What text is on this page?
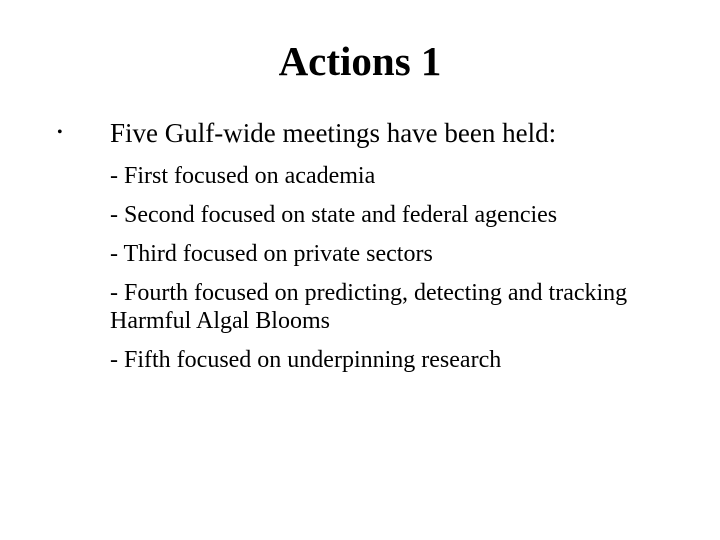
Actions 1
• Five Gulf-wide meetings have been held:
- First focused on academia
- Second focused on state and federal agencies
- Third focused on private sectors
- Fourth focused on predicting, detecting and tracking Harmful Algal Blooms
- Fifth focused on underpinning research
